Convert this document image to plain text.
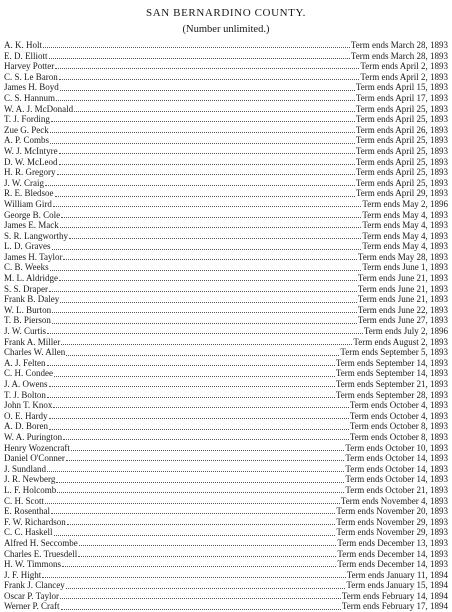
SAN BERNARDINO COUNTY.

(Number unlimited.)

A. K. Holt	Term ends March 28, 1893
E. D. Elliott	Term ends March 28, 1893
Harvey Potter	Term ends April 2, 1893
C. S. Le Baron	Term ends April 2, 1893
James H. Boyd	Term ends April 15, 1893
C. S. Hannum	Term ends April 17, 1893
W. A. J. McDonald	Term ends April 25, 1893
T. J. Fording	Term ends April 25, 1893
Zue G. Peck	Term ends April 26, 1893
A. P. Combs	Term ends April 25, 1893
W. J. McIntyre	Term ends April 25, 1893
D. W. McLeod	Term ends April 25, 1893
H. R. Gregory	Term ends April 25, 1893
J. W. Craig	Term ends April 25, 1893
R. E. Bledsoe	Term ends April 29, 1893
William Gird	Term ends May 2, 1896
George B. Cole	Term ends May 4, 1893
James E. Mack	Term ends May 4, 1893
S. R. Langworthy	Term ends May 4, 1893
L. D. Graves	Term ends May 4, 1893
James H. Taylor	Term ends May 28, 1893
C. B. Weeks	Term ends June 1, 1893
M. L. Aldridge	Term ends June 21, 1893
S. S. Draper	Term ends June 21, 1893
Frank B. Daley	Term ends June 21, 1893
W. L. Burton	Term ends June 22, 1893
T. B. Pierson	Term ends June 27, 1893
J. W. Curtis	Term ends July 2, 1896
Frank A. Miller	Term ends August 2, 1893
Charles W. Allen	Term ends September 5, 1893
A. J. Felten	Term ends September 14, 1893
C. H. Condee	Term ends September 14, 1893
J. A. Owens	Term ends September 21, 1893
T. J. Bolton	Term ends September 28, 1893
John T. Knox	Term ends October 4, 1893
O. E. Hardy	Term ends October 4, 1893
A. D. Boren	Term ends October 8, 1893
W. A. Purington	Term ends October 8, 1893
Henry Wozencraft	Term ends October 10, 1893
Daniel O'Conner	Term ends October 14, 1893
J. Sundland	Term ends October 14, 1893
J. R. Newberg	Term ends October 14, 1893
L. F. Holcomb	Term ends October 21, 1893
C. H. Scott	Term ends November 4, 1893
E. Rosenthal	Term ends November 20, 1893
F. W. Richardson	Term ends November 29, 1893
C. C. Haskell	Term ends November 29, 1893
Alfred H. Seccombe	Term ends December 13, 1893
Charles E. Truesdell	Term ends December 14, 1893
H. W. Timmons	Term ends December 14, 1893
J. F. Hight	Term ends January 11, 1894
Frank J. Clancey	Term ends January 15, 1894
Oscar P. Taylor	Term ends February 14, 1894
Werner P. Craft	Term ends February 17, 1894
